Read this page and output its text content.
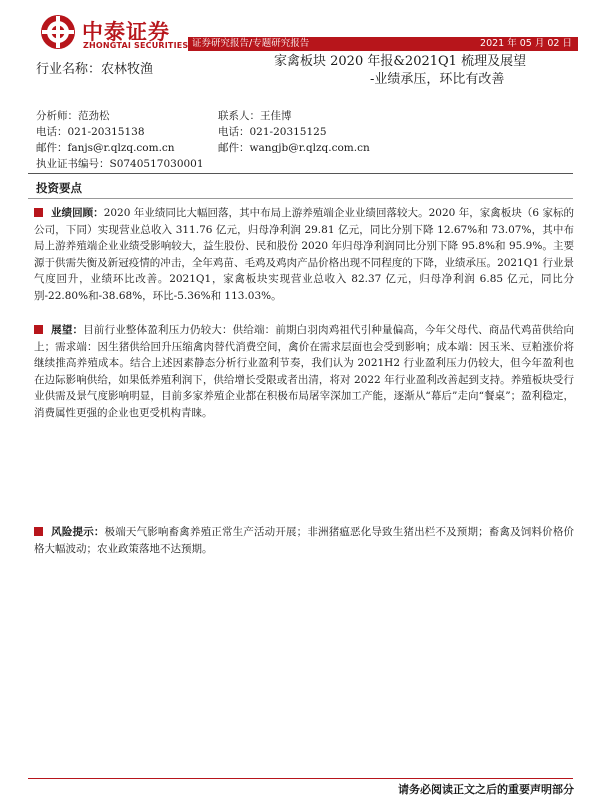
中泰证券
ZHONGTAI SECURITIES 证券研究报告/专题研究报告	2021 年 05 月 02 日
行业名称：农林牧渔
家禽板块 2020 年报&2021Q1 梳理及展望
-业绩承压，环比有改善
分析师：范劲松
电话：021-20315138
邮件：fanjs@r.qlzq.com.cn
执业证书编号：S0740517030001
联系人：王佳博
电话：021-20315125
邮件：wangjb@r.qlzq.com.cn
投资要点
业绩回顾：2020 年业绩同比大幅回落，其中布局上游养殖端企业业绩回落较大。2020 年，家禽板块（6 家标的公司，下同）实现营业总收入 311.76 亿元，归母净利润 29.81 亿元，同比分别下降 12.67%和 73.07%，其中布局上游养殖端企业业绩受影响较大，益生股份、民和股份 2020 年归母净利润同比分别下降 95.8%和 95.9%。主要源于供需失衡及新冠疫情的冲击，全年鸡苗、毛鸡及鸡肉产品价格出现不同程度的下降，业绩承压。2021Q1 行业景气度回升，业绩环比改善。2021Q1，家禽板块实现营业总收入 82.37 亿元，归母净利润 6.85 亿元，同比分别-22.80%和-38.68%，环比-5.36%和 113.03%。
展望：目前行业整体盈利压力仍较大：供给端：前期白羽肉鸡祖代引种量偏高，今年父母代、商品代鸡苗供给向上；需求端：因生猪供给回升压缩禽肉替代消费空间，禽价在需求层面也会受到影响；成本端：因玉米、豆粕涨价将继续推高养殖成本。结合上述因素静态分析行业盈利节奏，我们认为 2021H2 行业盈利压力仍较大，但今年盈利也在边际影响供给，如果低养殖利润下，供给增长受限或者出清，将对 2022 年行业盈利改善起到支持。养殖板块受行业供需及景气度影响明显，目前多家养殖企业都在积极布局屠宰深加工产能，逐渐从“幕后”走向“餐桌”；盈利稳定，消费属性更强的企业也更受机构青睐。
风险提示：极端天气影响畜禽养殖正常生产活动开展；非洲猪瘟恶化导致生猪出栏不及预期；畜禽及饲料价格价格大幅波动；农业政策落地不达预期。
请务必阅读正文之后的重要声明部分
